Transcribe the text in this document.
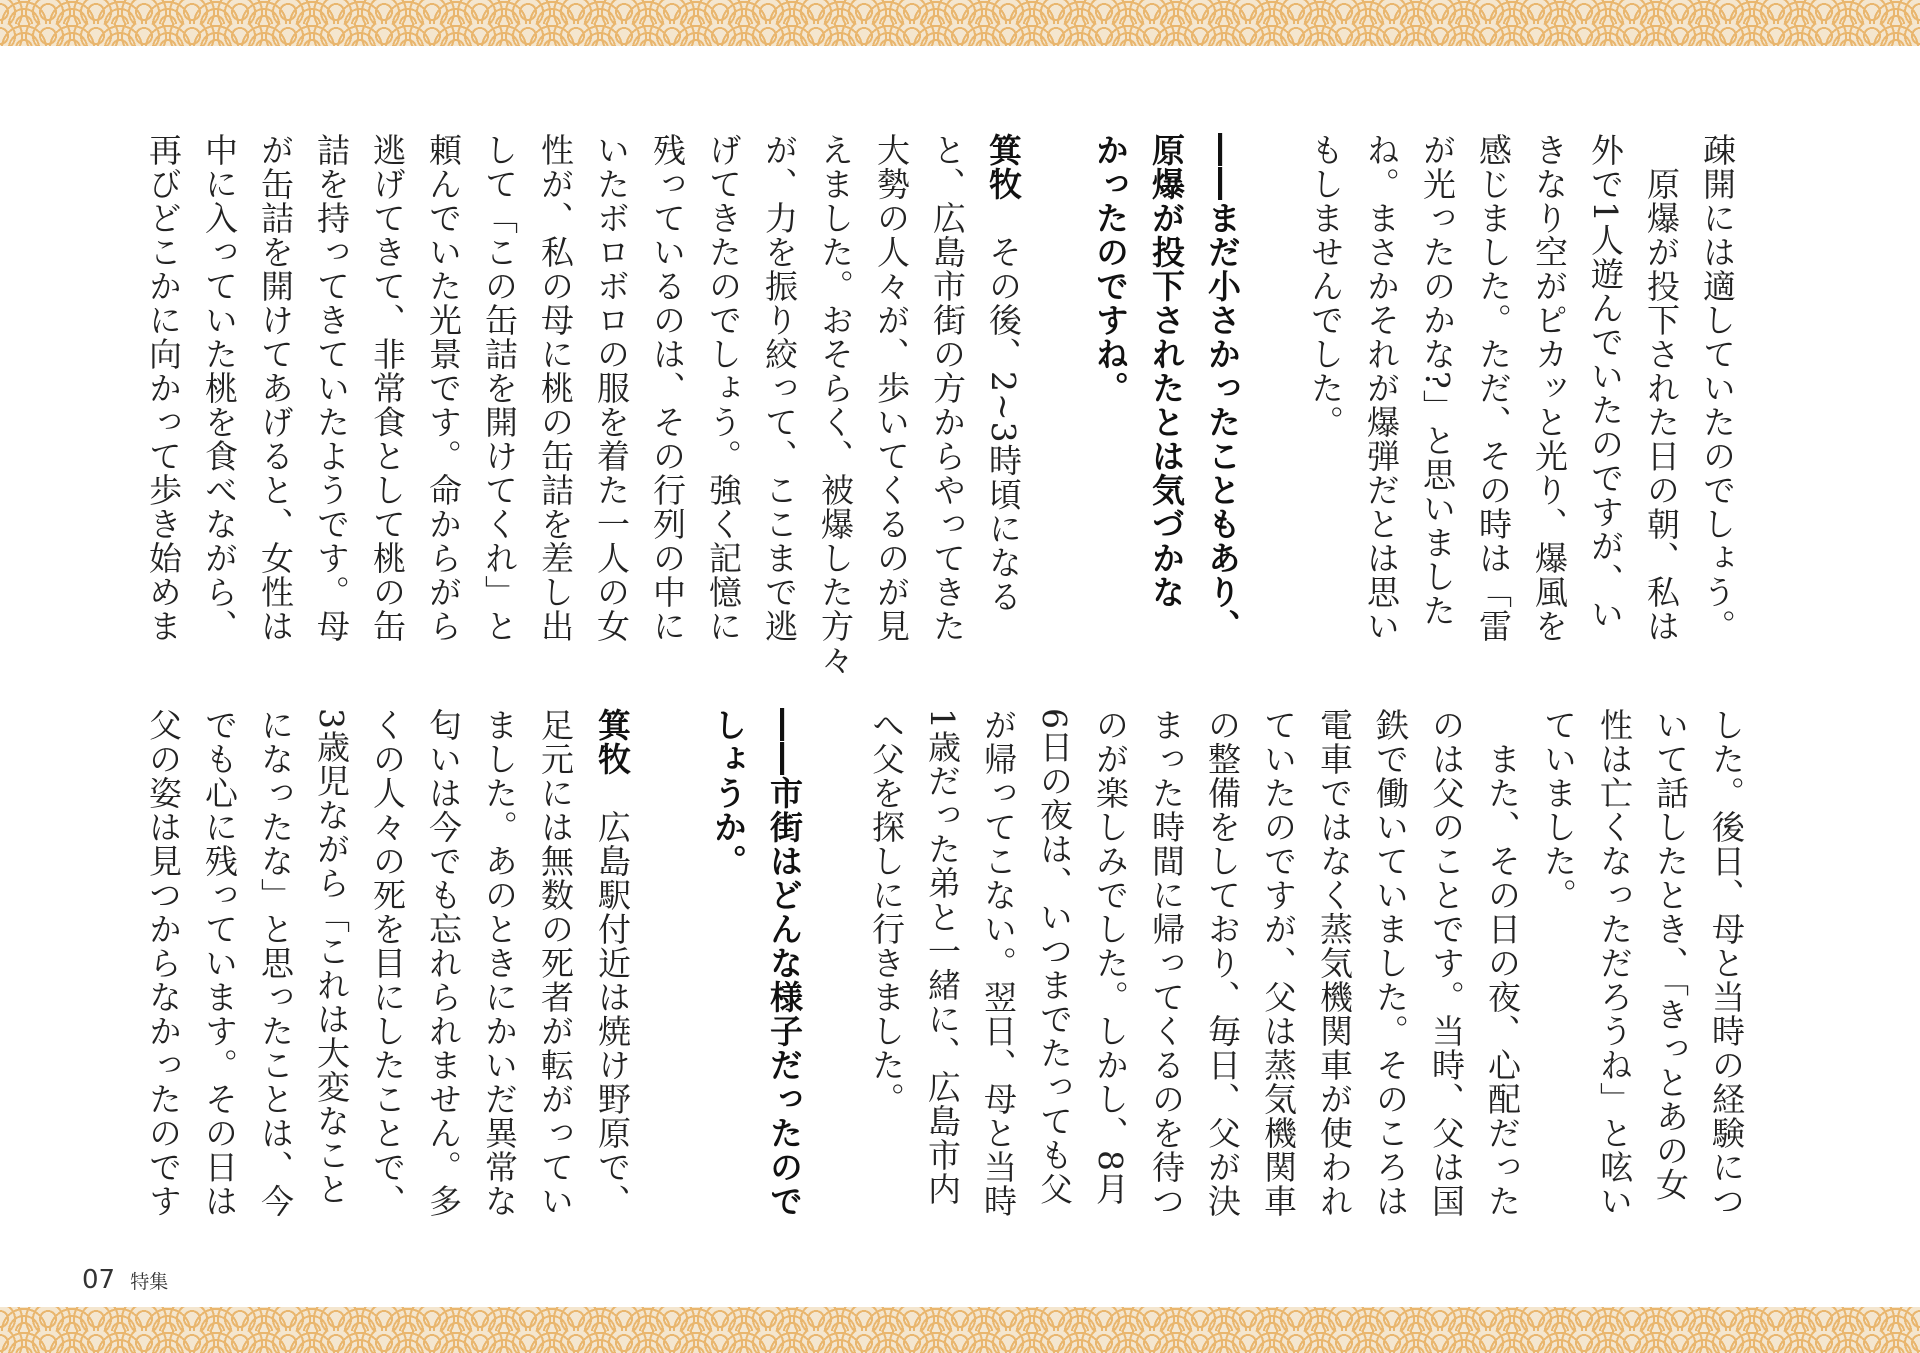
疎開には適していたのでしょう。
　原爆が投下された日の朝、私は
外で1人遊んでいたのですが、い
きなり空がピカッと光り、爆風を
感じました。ただ、その時は「雷
が光ったのかな?」と思いました
ね。まさかそれが爆弾だとは思い
もしませんでした。
――まだ小さかったこともあり、
原爆が投下されたとは気づかな
かったのですね。
箕牧　その後、2~3時頃になる
と、広島市街の方からやってきた
大勢の人々が、歩いてくるのが見
えました。おそらく、被爆した方々
が、力を振り絞って、ここまで逃
げてきたのでしょう。強く記憶に
残っているのは、その行列の中に
いたボロボロの服を着た一人の女
性が、私の母に桃の缶詰を差し出
して「この缶詰を開けてくれ」と
頼んでいた光景です。命からがら
逃げてきて、非常食として桃の缶
詰を持ってきていたようです。母
が缶詰を開けてあげると、女性は
中に入っていた桃を食べながら、
再びどこかに向かって歩き始めま
した。後日、母と当時の経験につ
いて話したとき、「きっとあの女
性は亡くなっただろうね」と呟い
ていました。
　また、その日の夜、心配だった
のは父のことです。当時、父は国
鉄で働いていました。そのころは
電車ではなく蒸気機関車が使われ
ていたのですが、父は蒸気機関車
の整備をしており、毎日、父が決
まった時間に帰ってくるのを待つ
のが楽しみでした。しかし、8月
6日の夜は、いつまでたっても父
が帰ってこない。翌日、母と当時
1歳だった弟と一緒に、広島市内
へ父を探しに行きました。
――市街はどんな様子だったので
しょうか。
箕牧　広島駅付近は焼け野原で、
足元には無数の死者が転がってい
ました。あのときにかいだ異常な
匂いは今でも忘れられません。多
くの人々の死を目にしたことで、
3歳児ながら「これは大変なこと
になったな」と思ったことは、今
でも心に残っています。その日は
父の姿は見つからなかったのです
07 特集
